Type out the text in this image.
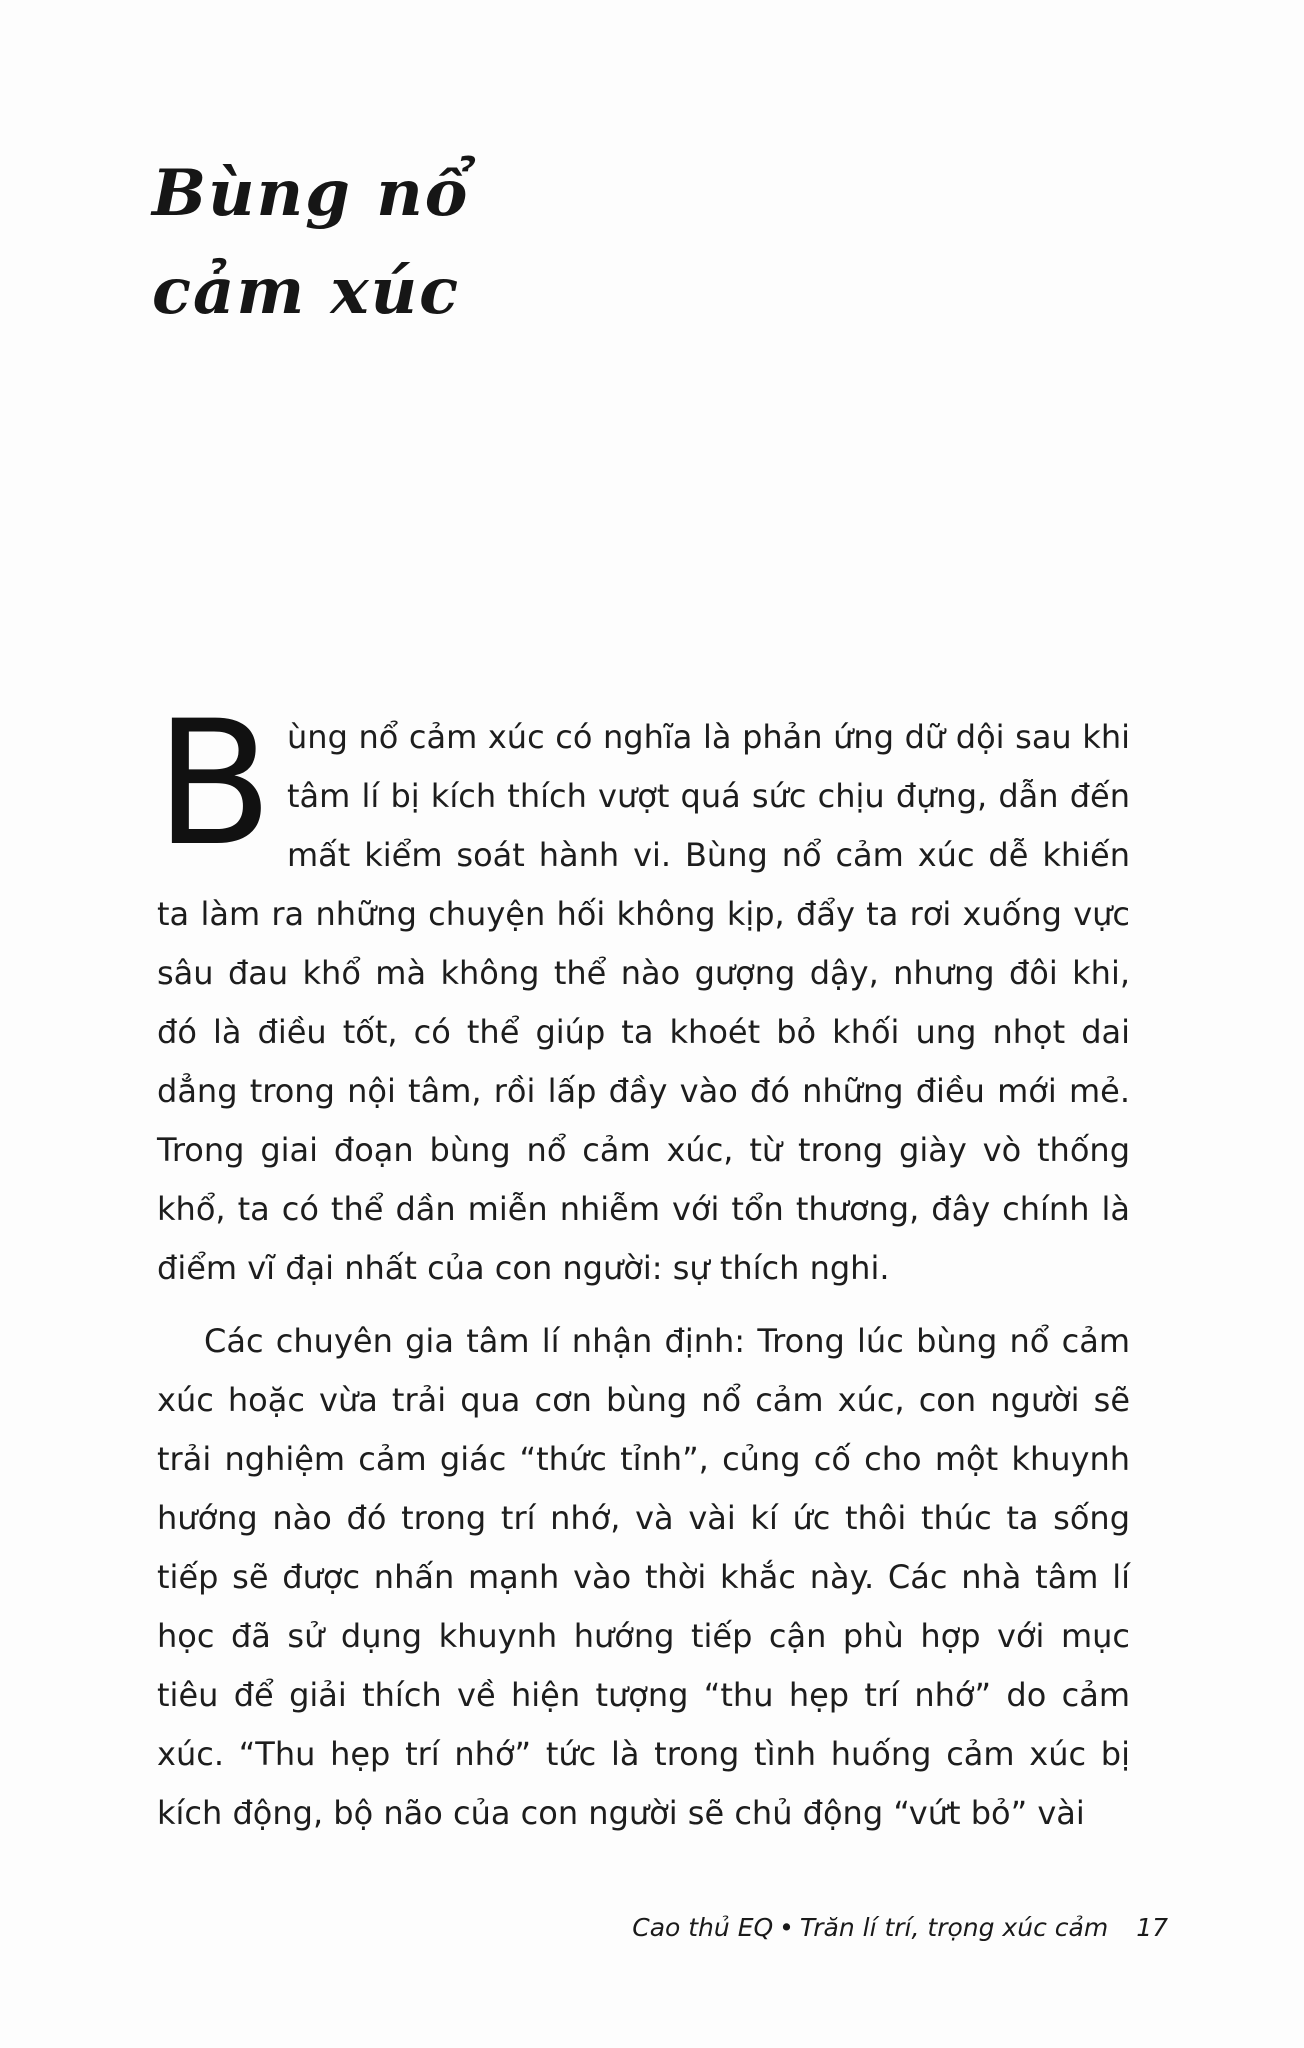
Bùng nổ
cảm xúc
B ùng nổ cảm xúc có nghĩa là phản ứng dữ dội sau khi tâm lí bị kích thích vượt quá sức chịu đựng, dẫn đến mất kiểm soát hành vi. Bùng nổ cảm xúc dễ khiến ta làm ra những chuyện hối không kịp, đẩy ta rơi xuống vực sâu đau khổ mà không thể nào gượng dậy, nhưng đôi khi, đó là điều tốt, có thể giúp ta khoét bỏ khối ung nhọt dai dẳng trong nội tâm, rồi lấp đầy vào đó những điều mới mẻ. Trong giai đoạn bùng nổ cảm xúc, từ trong giày vò thống khổ, ta có thể dần miễn nhiễm với tổn thương, đây chính là điểm vĩ đại nhất của con người: sự thích nghi.
Các chuyên gia tâm lí nhận định: Trong lúc bùng nổ cảm xúc hoặc vừa trải qua cơn bùng nổ cảm xúc, con người sẽ trải nghiệm cảm giác “thức tỉnh”, củng cố cho một khuynh hướng nào đó trong trí nhớ, và vài kí ức thôi thúc ta sống tiếp sẽ được nhấn mạnh vào thời khắc này. Các nhà tâm lí học đã sử dụng khuynh hướng tiếp cận phù hợp với mục tiêu để giải thích về hiện tượng “thu hẹp trí nhớ” do cảm xúc. “Thu hẹp trí nhớ” tức là trong tình huống cảm xúc bị kích động, bộ não của con người sẽ chủ động “vứt bỏ” vài
Cao thủ EQ • Trăn lí trí, trọng xúc cảm 17
